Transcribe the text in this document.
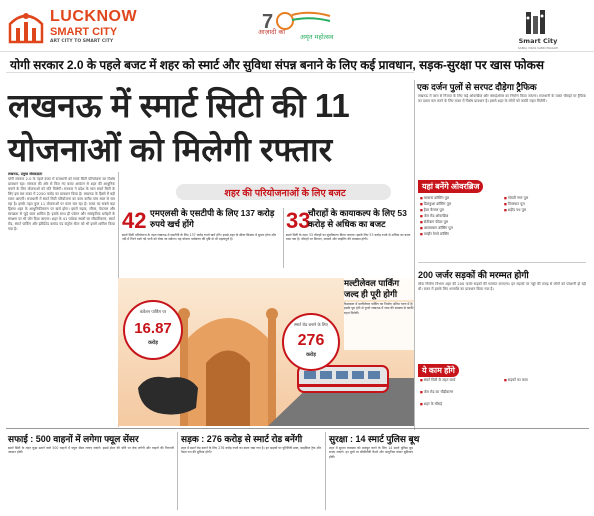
LUCKNOW
SMART CITY
ART CITY TO SMART CITY
7
आज़ादी का
अमृत महोत्सव	Smart City
SABKA VIKAS SABKI PRAGATI
योगी सरकार 2.0 के पहले बजट में शहर को स्मार्ट और सुविधा संपन्न बनाने के लिए कई प्रावधान, सड़क-सुरक्षा पर खास फोकस
लखनऊ में स्मार्ट सिटी की 11
योजनाओं को मिलेगी रफ्तार
लखनऊ, प्रमुख संवाददाता
योगी सरकार 2.0 के पहले बजट में राजधानी को स्मार्ट सिटी परियोजना का विशेष प्रावधान रहा। सरकार की ओर से किए गए बजट आवंटन से शहर की आधुनिक बनाने के लिए योजनाओं को गति मिलेगी। सरकार ने प्रदेश के सात स्मार्ट सिटी के लिए इस बार बजट में 2250 करोड़ का प्रावधान किया है। लखनऊ के हिस्से में बड़ी रकम आएगी। राजधानी में स्मार्ट सिटी परियोजना का काम करीब पांच साल से चल रहा है। इसके तहत कुल 11 योजनाओं पर काम चल रहा है। बजट का सबसे बड़ा हिस्सा शहर के आधुनिकीकरण पर खर्च होगा। इसमें सड़क, सीवर, पेयजल और स्वच्छता से जुड़े काम शामिल हैं। इसके साथ ही पर्यटन और सांस्कृतिक धरोहरों के संरक्षण पर भी जोर दिया जाएगा। शहर के 41 पर्यटक स्थलों का सौंदर्यीकरण, स्मार्ट रोड, स्मार्ट पार्किंग और इंटीग्रेटेड कमांड एंड कंट्रोल सेंटर को भी इसमें शामिल किया गया है।
शहर की परियोजनाओं के लिए बजट
42 एमएलसी के एसटीपी के लिए 137 करोड़ रुपये खर्च होंगे
स्मार्ट सिटी परियोजना के तहत लखनऊ में एसटीपी के लिए 137 करोड़ रुपये खर्च होंगे। इससे शहर के सीवर सिस्टम में सुधार होगा और नदी में गिरने वाले गंदे पानी को रोका जा सकेगा। यह योजना पर्यावरण की दृष्टि से भी महत्वपूर्ण है।
33
चौराहों के कायाकल्प के लिए 53 करोड़ से अधिक का बजट
स्मार्ट सिटी के तहत 33 चौराहों का सुंदरीकरण किया जाएगा। इसके लिए 53 करोड़ रुपये से अधिक का बजट रखा गया है। चौराहों पर सिग्नल, फव्वारे और लाइटिंग की व्यवस्था होगी।
कंवेंशन पार्किंग पर
16.87
करोड़
स्मार्ट रोड बनाने के लिए
276
करोड़
मल्टीलेवल पार्किंग जल्द ही पूरी होगी
कैसरबाग में मल्टीलेवल पार्किंग का निर्माण अंतिम चरण में है। इसके पूरा होने से पुराने लखनऊ में जाम की समस्या से काफी राहत मिलेगी।
एक दर्जन पुलों से सरपट दौड़ेगा ट्रैफिक
लखनऊ में जाम से निजात के लिए कई ओवरब्रिज और फ्लाईओवर का निर्माण किया जाएगा। राजधानी के व्यस्त चौराहों पर ट्रैफिक का दबाव कम करने के लिए बजट में विशेष प्रावधान है। इससे शहर के लोगों को काफी राहत मिलेगी।
यहां बनेंगे ओवरब्रिज
■ मरवाना क्रॉसिंग पुल
■ डिलकुशा क्रॉसिंग पुल
■ हैदर कैनाल पुल
■ जेल रोड ओवरब्रिज
■ सेतीबाग फीडर पुल
■ आलमबाग क्रॉसिंग पुल
■ मल्हौर रेलवे क्रॉसिंग
■ गोमती नगर पुल
■ पिपरघाट पुल
■ शहीद पथ पुल
200 जर्जर सड़कों की मरम्मत होगी
लोक निर्माण विभाग शहर की 200 जर्जर सड़कों की मरम्मत कराएगा। इन सड़कों पर गड्ढों की वजह से लोगों को परेशानी हो रही थी। बजट में इसके लिए धनराशि का प्रावधान किया गया है।
ये काम होंगे
■ स्मार्ट सिटी के तहत कार्य
■ जेल रोड का चौड़ीकरण
■ शहर के चौराहे
■ सड़कों का काम
सफाई : 500 वाहनों में लगेगा फ्यूल सेंसर
स्मार्ट सिटी के तहत कूड़ा उठाने वाले 500 वाहनों में फ्यूल सेंसर लगाए जाएंगे। इससे ईंधन की चोरी पर रोक लगेगी और वाहनों की निगरानी आसान होगी।
सड़क : 276 करोड़ से स्मार्ट रोड बनेंगी
शहर में स्मार्ट रोड बनाने के लिए 276 करोड़ रुपये का बजट रखा गया है। इन सड़कों पर यूटिलिटी डक्ट, साइकिल ट्रैक और पैदल पथ की सुविधा होगी।
सुरक्षा : 14 स्मार्ट पुलिस बूथ
शहर में सुरक्षा व्यवस्था को मजबूत करने के लिए 14 स्मार्ट पुलिस बूथ बनाए जाएंगे। इन बूथों पर सीसीटीवी कैमरे और आधुनिक संचार सुविधाएं होंगी।
